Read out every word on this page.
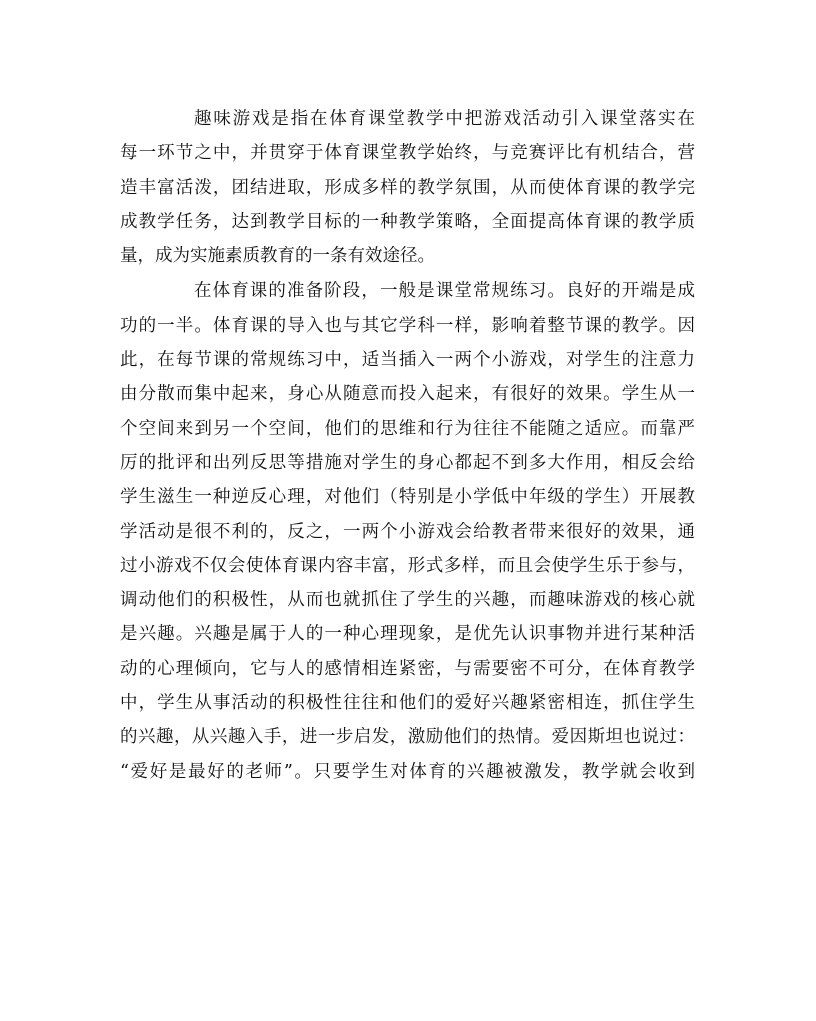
趣味游戏是指在体育课堂教学中把游戏活动引入课堂落实在
每一环节之中，并贯穿于体育课堂教学始终，与竞赛评比有机结合，营
造丰富活泼，团结进取，形成多样的教学氛围，从而使体育课的教学完
成教学任务，达到教学目标的一种教学策略，全面提高体育课的教学质
量，成为实施素质教育的一条有效途径。
在体育课的准备阶段，一般是课堂常规练习。良好的开端是成
功的一半。体育课的导入也与其它学科一样，影响着整节课的教学。因
此，在每节课的常规练习中，适当插入一两个小游戏，对学生的注意力
由分散而集中起来，身心从随意而投入起来，有很好的效果。学生从一
个空间来到另一个空间，他们的思维和行为往往不能随之适应。而靠严
厉的批评和出列反思等措施对学生的身心都起不到多大作用，相反会给
学生滋生一种逆反心理，对他们（特别是小学低中年级的学生）开展教
学活动是很不利的，反之，一两个小游戏会给教者带来很好的效果，通
过小游戏不仅会使体育课内容丰富，形式多样，而且会使学生乐于参与，
调动他们的积极性，从而也就抓住了学生的兴趣，而趣味游戏的核心就
是兴趣。兴趣是属于人的一种心理现象，是优先认识事物并进行某种活
动的心理倾向，它与人的感情相连紧密，与需要密不可分，在体育教学
中，学生从事活动的积极性往往和他们的爱好兴趣紧密相连，抓住学生
的兴趣，从兴趣入手，进一步启发，激励他们的热情。爱因斯坦也说过：
“爱好是最好的老师”。只要学生对体育的兴趣被激发，教学就会收到
